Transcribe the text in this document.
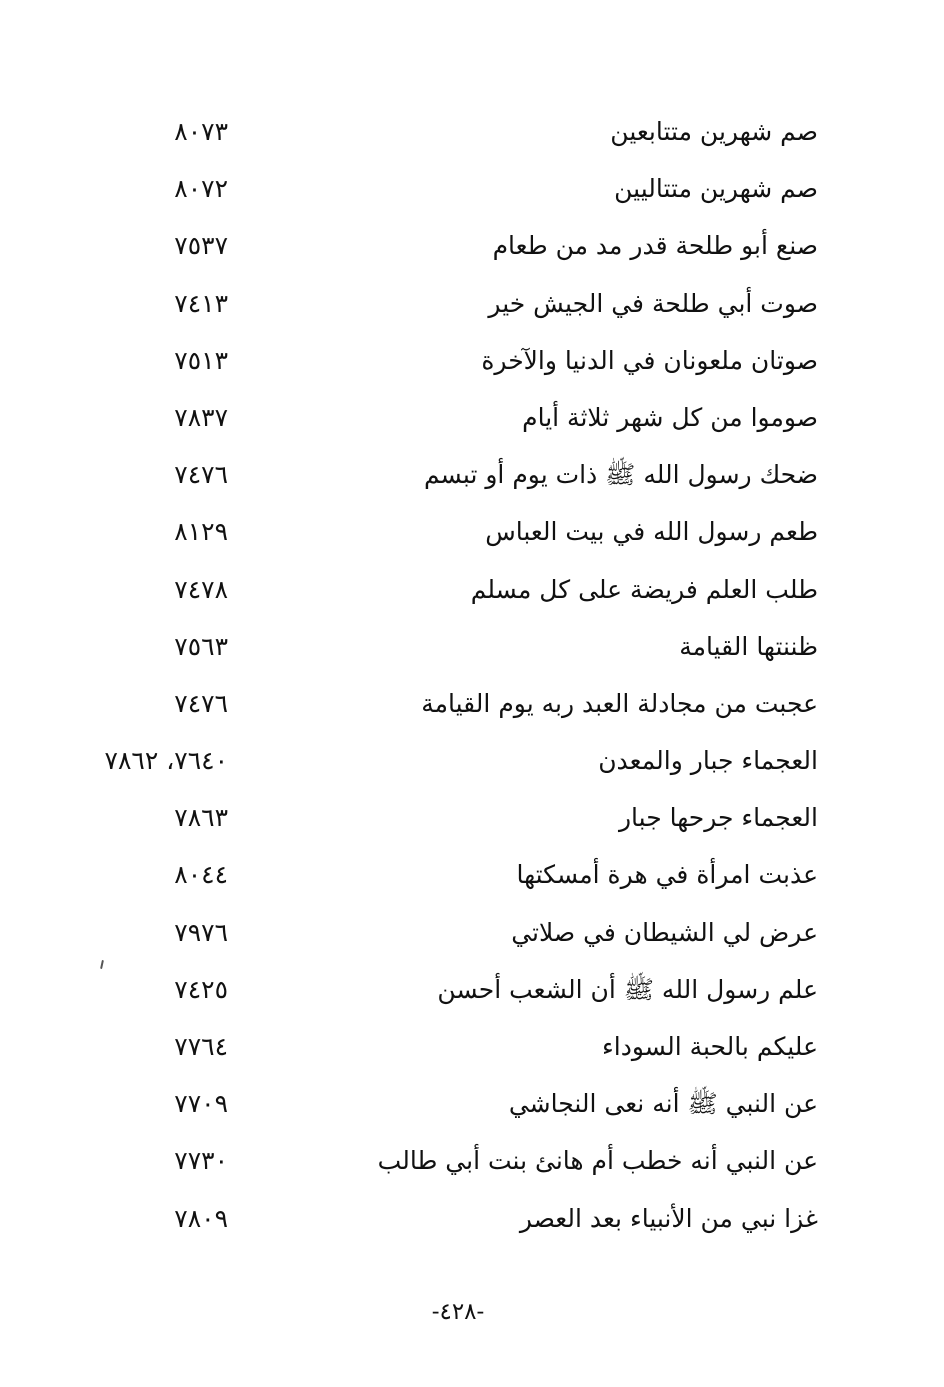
صم شهرين متتابعين
٨٠٧٣
صم شهرين متتاليين
٨٠٧٢
صنع أبو طلحة قدر مد من طعام
٧٥٣٧
صوت أبي طلحة في الجيش خير
٧٤١٣
صوتان ملعونان في الدنيا والآخرة
٧٥١٣
صوموا من كل شهر ثلاثة أيام
٧٨٣٧
ضحك رسول الله ﷺ ذات يوم أو تبسم
٧٤٧٦
طعم رسول الله في بيت العباس
٨١٢٩
طلب العلم فريضة على كل مسلم
٧٤٧٨
ظننتها القيامة
٧٥٦٣
عجبت من مجادلة العبد ربه يوم القيامة
٧٤٧٦
العجماء جبار والمعدن
٧٦٤٠، ٧٨٦٢
العجماء جرحها جبار
٧٨٦٣
عذبت امرأة في هرة أمسكتها
٨٠٤٤
عرض لي الشيطان في صلاتي
٧٩٧٦
علم رسول الله ﷺ أن الشعب أحسن
٧٤٢٥
عليكم بالحبة السوداء
٧٧٦٤
عن النبي ﷺ أنه نعى النجاشي
٧٧٠٩
عن النبي أنه خطب أم هانئ بنت أبي طالب
٧٧٣٠
غزا نبي من الأنبياء بعد العصر
٧٨٠٩
-٤٢٨-
